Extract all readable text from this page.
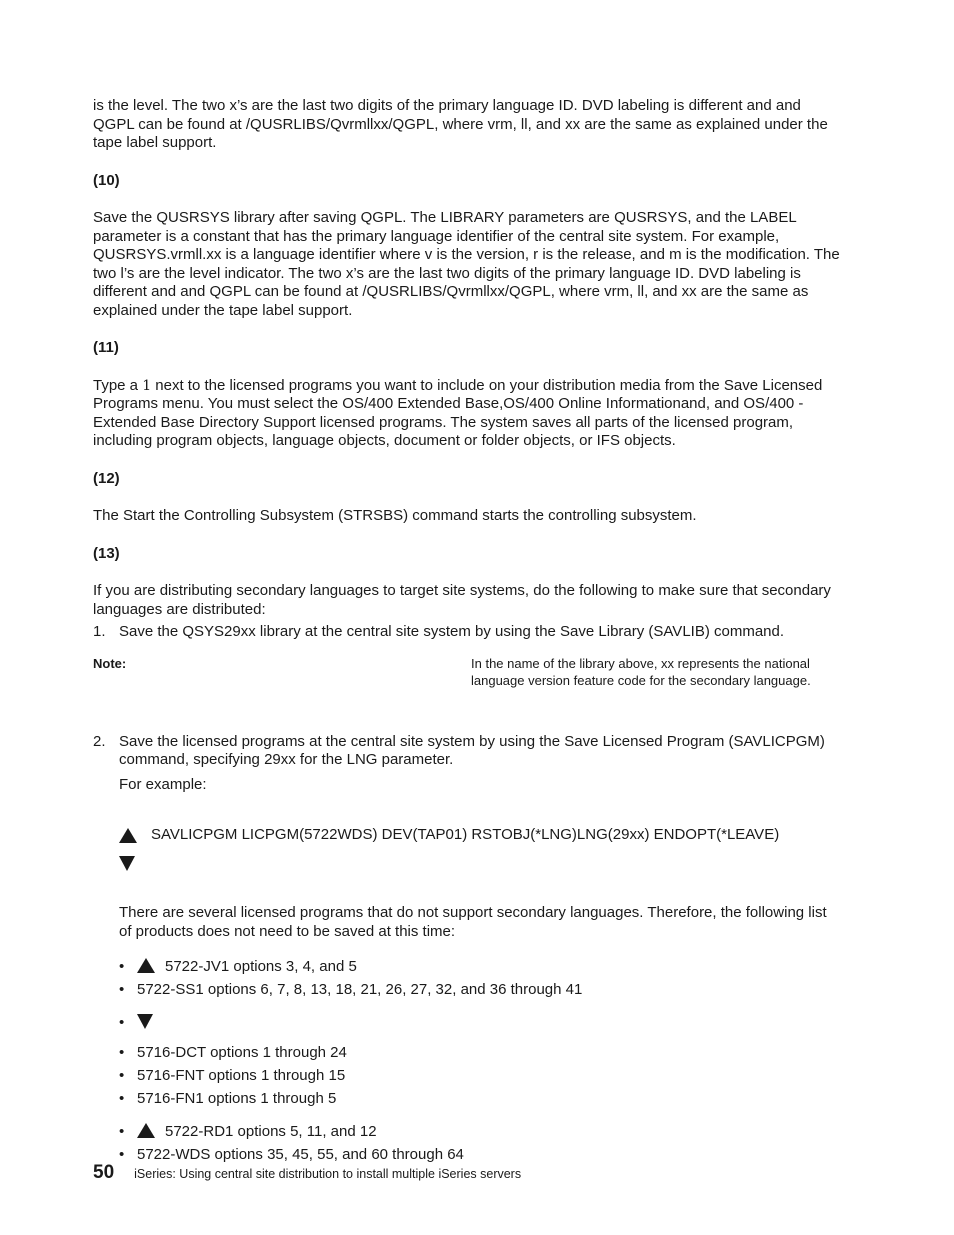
is the level. The two x’s are the last two digits of the primary language ID. DVD labeling is different and and QGPL can be found at /QUSRLIBS/Qvrmllxx/QGPL, where vrm, ll, and xx are the same as explained under the tape label support.

(10)

Save the QUSRSYS library after saving QGPL. The LIBRARY parameters are QUSRSYS, and the LABEL parameter is a constant that has the primary language identifier of the central site system. For example, QUSRSYS.vrmll.xx is a language identifier where v is the version, r is the release, and m is the modification. The two l’s are the level indicator. The two x’s are the last two digits of the primary language ID. DVD labeling is different and and QGPL can be found at /QUSRLIBS/Qvrmllxx/QGPL, where vrm, ll, and xx are the same as explained under the tape label support.

(11)

Type a 1 next to the licensed programs you want to include on your distribution media from the Save Licensed Programs menu. You must select the OS/400 Extended Base,OS/400 Online Informationand, and OS/400 - Extended Base Directory Support licensed programs. The system saves all parts of the licensed program, including program objects, language objects, document or folder objects, or IFS objects.

(12)

The Start the Controlling Subsystem (STRSBS) command starts the controlling subsystem.

(13)

If you are distributing secondary languages to target site systems, do the following to make sure that secondary languages are distributed:

1. Save the QSYS29xx library at the central site system by using the Save Library (SAVLIB) command.
Note:	In the name of the library above, xx represents the national language version feature code for the secondary language.
2. Save the licensed programs at the central site system by using the Save Licensed Program (SAVLICPGM) command, specifying 29xx for the LNG parameter.

For example:

SAVLICPGM LICPGM(5722WDS) DEV(TAP01) RSTOBJ(*LNG)LNG(29xx) ENDOPT(*LEAVE)

There are several licensed programs that do not support secondary languages. Therefore, the following list of products does not need to be saved at this time:

•	5722-JV1 options 3, 4, and 5
• 5722-SS1 options 6, 7, 8, 13, 18, 21, 26, 27, 32, and 36 through 41
•
• 5716-DCT options 1 through 24
• 5716-FNT options 1 through 15
• 5716-FN1 options 1 through 5
•	5722-RD1 options 5, 11, and 12
• 5722-WDS options 35, 45, 55, and 60 through 64
50 iSeries: Using central site distribution to install multiple iSeries servers
